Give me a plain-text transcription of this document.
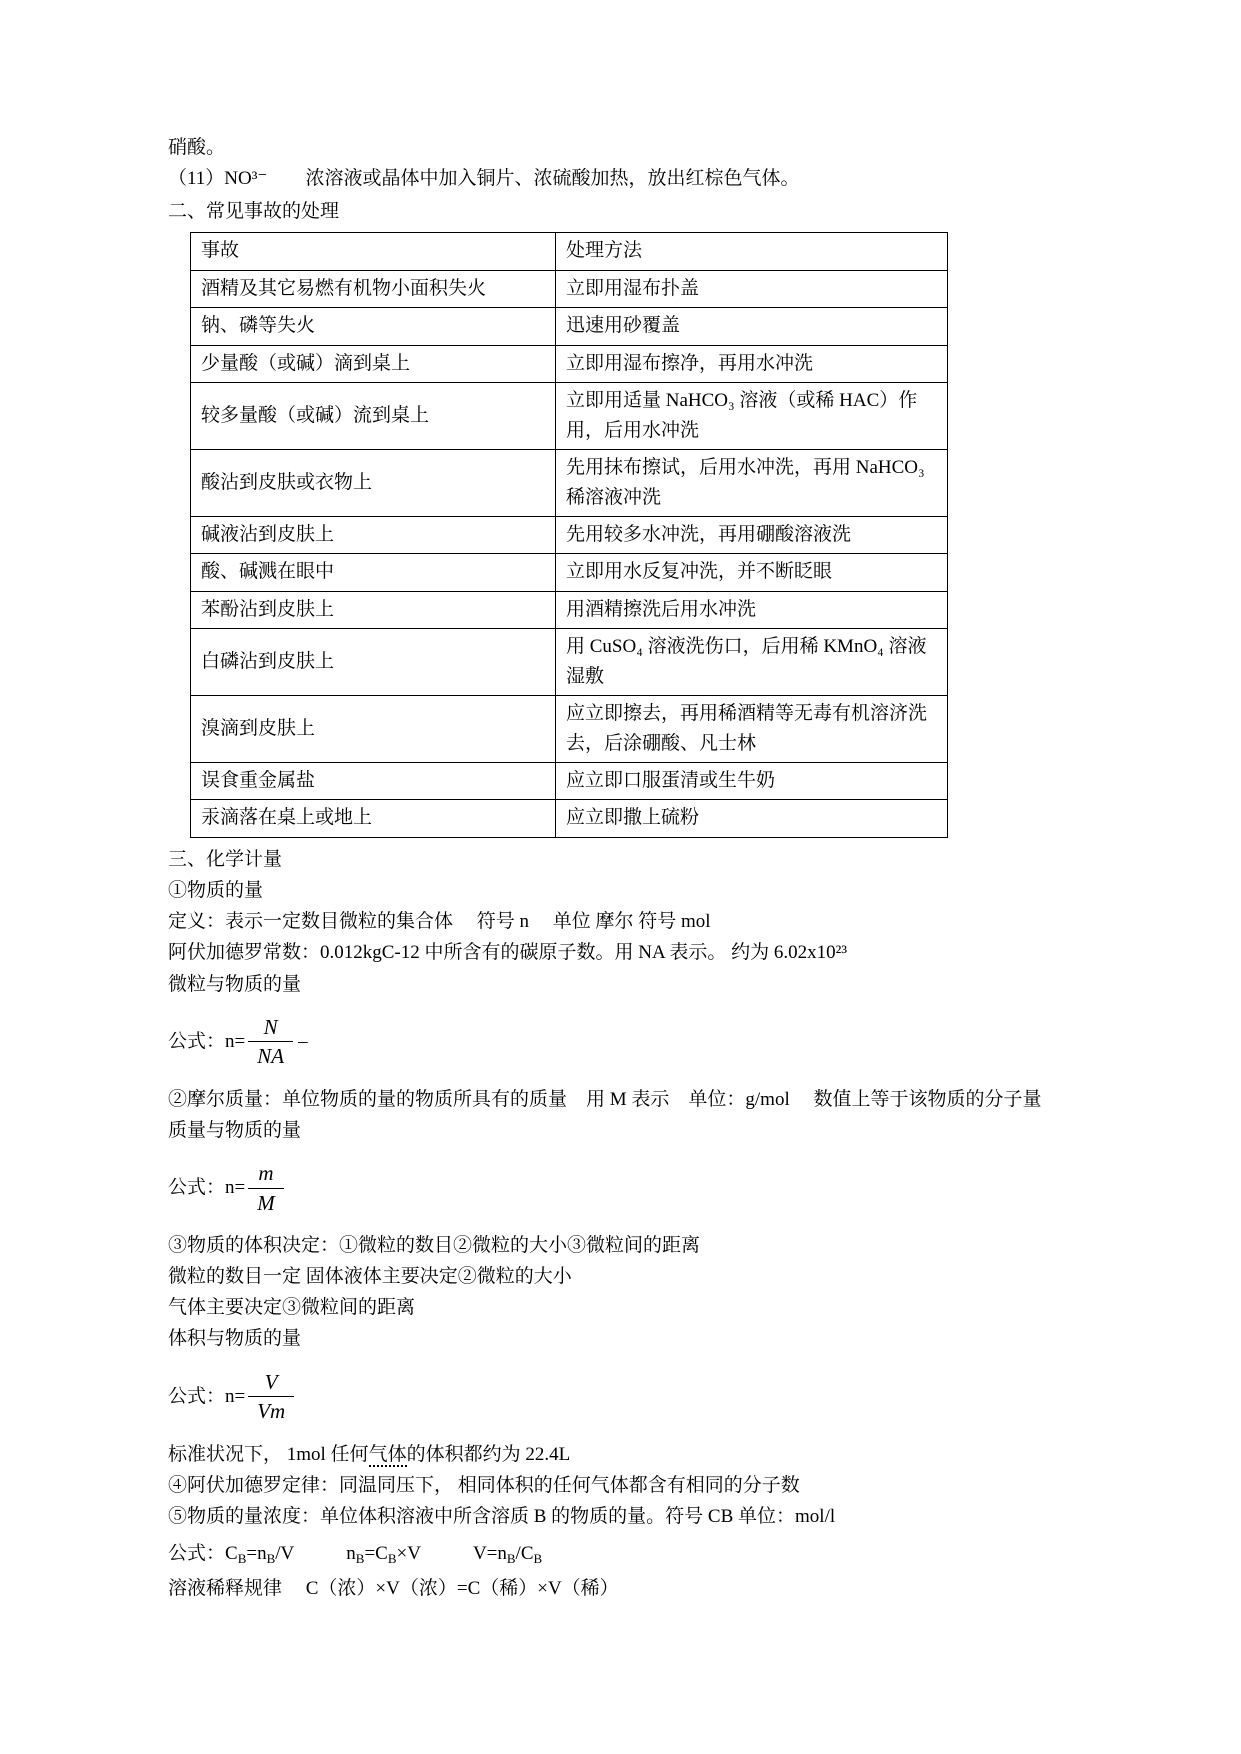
硝酸。

（11）NO³⁻        浓溶液或晶体中加入铜片、浓硫酸加热，放出红棕色气体。

二、常见事故的处理

事故	处理方法
酒精及其它易燃有机物小面积失火	立即用湿布扑盖
钠、磷等失火	迅速用砂覆盖
少量酸（或碱）滴到桌上	立即用湿布擦净，再用水冲洗
较多量酸（或碱）流到桌上	立即用适量 NaHCO₃ 溶液（或稀 HAC）作用，后用水冲洗
酸沾到皮肤或衣物上	先用抹布擦试，后用水冲洗，再用 NaHCO₃ 稀溶液冲洗
碱液沾到皮肤上	先用较多水冲洗，再用硼酸溶液洗
酸、碱溅在眼中	立即用水反复冲洗，并不断眨眼
苯酚沾到皮肤上	用酒精擦洗后用水冲洗
白磷沾到皮肤上	用 CuSO₄ 溶液洗伤口，后用稀 KMnO₄ 溶液湿敷
溴滴到皮肤上	应立即擦去，再用稀酒精等无毒有机溶济洗去，后涂硼酸、凡士林
误食重金属盐	应立即口服蛋清或生牛奶
汞滴落在桌上或地上	应立即撒上硫粉

三、化学计量

①物质的量

定义：表示一定数目微粒的集合体　 符号 n　 单位 摩尔 符号 mol

阿伏加德罗常数：0.012kgC-12 中所含有的碳原子数。用 NA 表示。 约为 6.02x10²³

微粒与物质的量

公式：$n= \frac{N}{NA}$ –

②摩尔质量：单位物质的量的物质所具有的质量　用 M 表示　单位：g/mol　 数值上等于该物质的分子量

质量与物质的量

公式：$n= \frac{m}{M}$

③物质的体积决定：①微粒的数目②微粒的大小③微粒间的距离

微粒的数目一定 固体液体主要决定②微粒的大小

气体主要决定③微粒间的距离

体积与物质的量

公式：$n= \frac{V}{Vm}$

标准状况下， 1mol 任何气体的体积都约为 22.4L

④阿伏加德罗定律：同温同压下， 相同体积的任何气体都含有相同的分子数

⑤物质的量浓度：单位体积溶液中所含溶质 B 的物质的量。符号 CB 单位：mol/l

公式：$C_B=n_B/V$	$n_B=C_B\times V$	$V=n_B/C_B$

溶液稀释规律　 C（浓）×V（浓）=C（稀）×V（稀）
